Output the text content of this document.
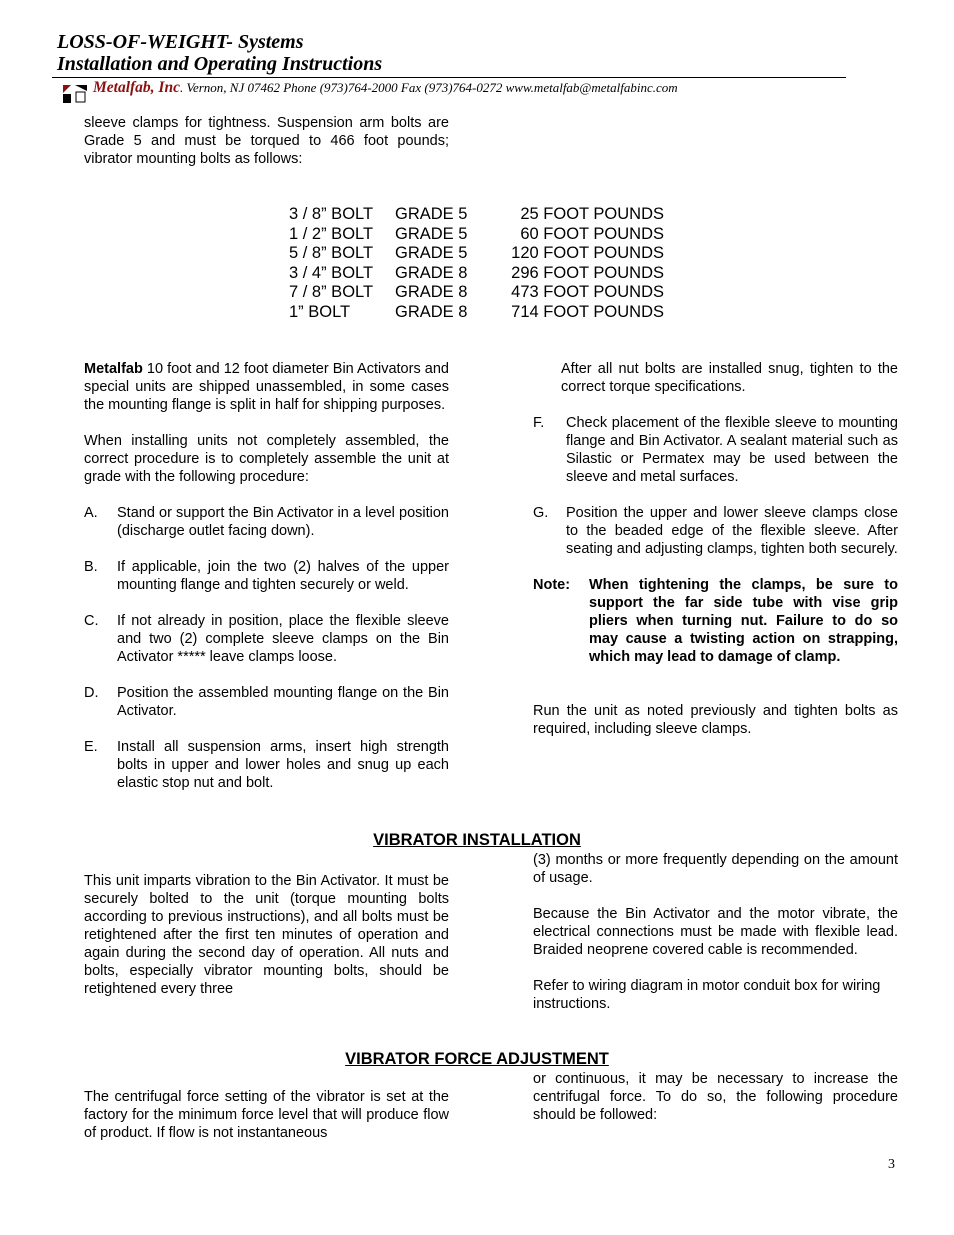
LOSS-OF-WEIGHT- Systems
Installation and Operating Instructions
Metalfab, Inc. Vernon, NJ 07462 Phone (973)764-2000 Fax (973)764-0272 www.metalfab@metalfabinc.com

sleeve clamps for tightness. Suspension arm bolts are Grade 5 and must be torqued to 466 foot pounds; vibrator mounting bolts as follows:

3 / 8” BOLT GRADE 5	25 FOOT POUNDS
1 / 2” BOLT GRADE 5	60 FOOT POUNDS
5 / 8” BOLT GRADE 5	120 FOOT POUNDS
3 / 4” BOLT GRADE 8	296 FOOT POUNDS
7 / 8” BOLT GRADE 8	473 FOOT POUNDS
1” BOLT	GRADE 8	714 FOOT POUNDS

Metalfab 10 foot and 12 foot diameter Bin Activators and special units are shipped unassembled, in some cases the mounting flange is split in half for shipping purposes.

When installing units not completely assembled, the correct procedure is to completely assemble the unit at grade with the following procedure:

A. Stand or support the Bin Activator in a level position (discharge outlet facing down).

B. If applicable, join the two (2) halves of the upper mounting flange and tighten securely or weld.

C. If not already in position, place the flexible sleeve and two (2) complete sleeve clamps on the Bin Activator ***** leave clamps loose.

D. Position the assembled mounting flange on the Bin Activator.

E. Install all suspension arms, insert high strength bolts in upper and lower holes and snug up each elastic stop nut and bolt.

After all nut bolts are installed snug, tighten to the correct torque specifications.

F. Check placement of the flexible sleeve to mounting flange and Bin Activator. A sealant material such as Silastic or Permatex may be used between the sleeve and metal surfaces.

G. Position the upper and lower sleeve clamps close to the beaded edge of the flexible sleeve. After seating and adjusting clamps, tighten both securely.

Note: When tightening the clamps, be sure to support the far side tube with vise grip pliers when turning nut. Failure to do so may cause a twisting action on strapping, which may lead to damage of clamp.

Run the unit as noted previously and tighten bolts as required, including sleeve clamps.

VIBRATOR INSTALLATION

This unit imparts vibration to the Bin Activator. It must be securely bolted to the unit (torque mounting bolts according to previous instructions), and all bolts must be retightened after the first ten minutes of operation and again during the second day of operation. All nuts and bolts, especially vibrator mounting bolts, should be retightened every three

(3) months or more frequently depending on the amount of usage.

Because the Bin Activator and the motor vibrate, the electrical connections must be made with flexible lead. Braided neoprene covered cable is recommended.

Refer to wiring diagram in motor conduit box for wiring instructions.

VIBRATOR FORCE ADJUSTMENT

The centrifugal force setting of the vibrator is set at the factory for the minimum force level that will produce flow of product. If flow is not instantaneous

or continuous, it may be necessary to increase the centrifugal force. To do so, the following procedure should be followed:

3
